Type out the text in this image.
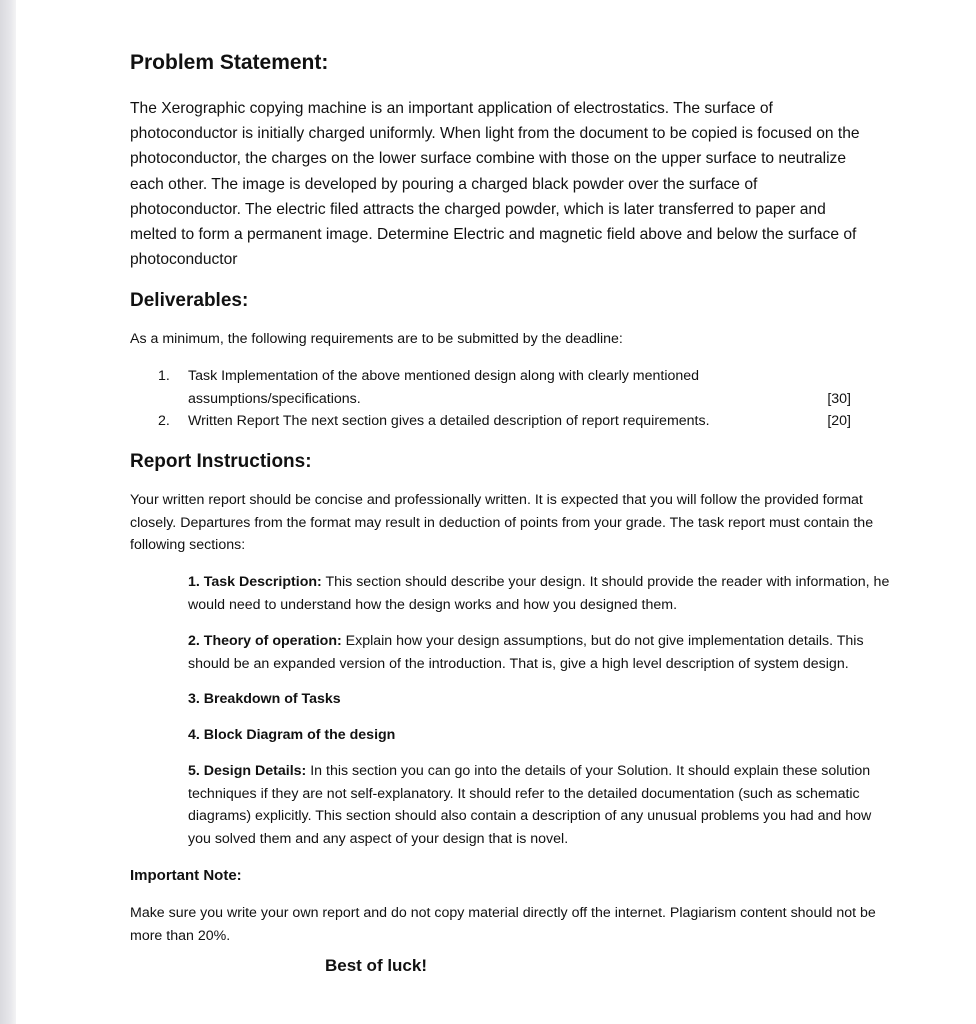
Problem Statement:

The Xerographic copying machine is an important application of electrostatics. The surface of photoconductor is initially charged uniformly. When light from the document to be copied is focused on the photoconductor, the charges on the lower surface combine with those on the upper surface to neutralize each other. The image is developed by pouring a charged black powder over the surface of photoconductor. The electric filed attracts the charged powder, which is later transferred to paper and melted to form a permanent image. Determine Electric and magnetic field above and below the surface of photoconductor

Deliverables:

As a minimum, the following requirements are to be submitted by the deadline:

1. Task Implementation of the above mentioned design along with clearly mentioned assumptions/specifications.	[30]
2. Written Report The next section gives a detailed description of report requirements.	[20]
Report Instructions:

Your written report should be concise and professionally written. It is expected that you will follow the provided format closely. Departures from the format may result in deduction of points from your grade. The task report must contain the following sections:

1. Task Description: This section should describe your design. It should provide the reader with information, he would need to understand how the design works and how you designed them.
2. Theory of operation: Explain how your design assumptions, but do not give implementation details. This should be an expanded version of the introduction. That is, give a high level description of system design.
3. Breakdown of Tasks
4. Block Diagram of the design
5. Design Details: In this section you can go into the details of your Solution. It should explain these solution techniques if they are not self-explanatory. It should refer to the detailed documentation (such as schematic diagrams) explicitly. This section should also contain a description of any unusual problems you had and how you solved them and any aspect of your design that is novel.
Important Note:

Make sure you write your own report and do not copy material directly off the internet. Plagiarism content should not be more than 20%.

Best of luck!
